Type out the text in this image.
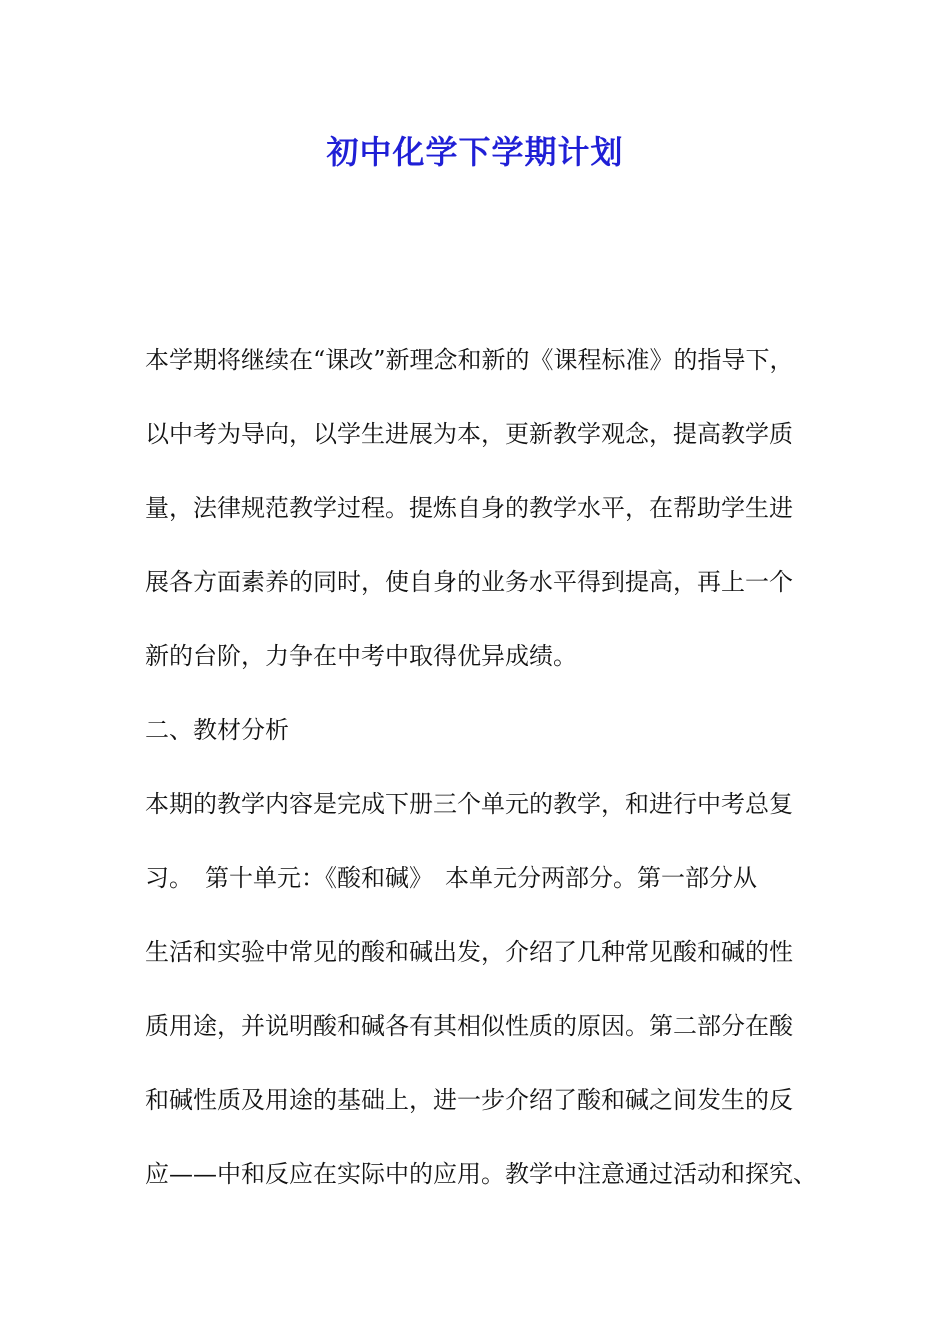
初中化学下学期计划
本学期将继续在“课改”新理念和新的《课程标准》的指导下，
以中考为导向，以学生进展为本，更新教学观念，提高教学质
量，法律规范教学过程。提炼自身的教学水平，在帮助学生进
展各方面素养的同时，使自身的业务水平得到提高，再上一个
新的台阶，力争在中考中取得优异成绩。
二、教材分析
本期的教学内容是完成下册三个单元的教学，和进行中考总复
习。　第十单元：《酸和碱》　本单元分两部分。第一部分从
生活和实验中常见的酸和碱出发，介绍了几种常见酸和碱的性
质用途，并说明酸和碱各有其相似性质的原因。第二部分在酸
和碱性质及用途的基础上，进一步介绍了酸和碱之间发生的反
应——中和反应在实际中的应用。教学中注意通过活动和探究、
